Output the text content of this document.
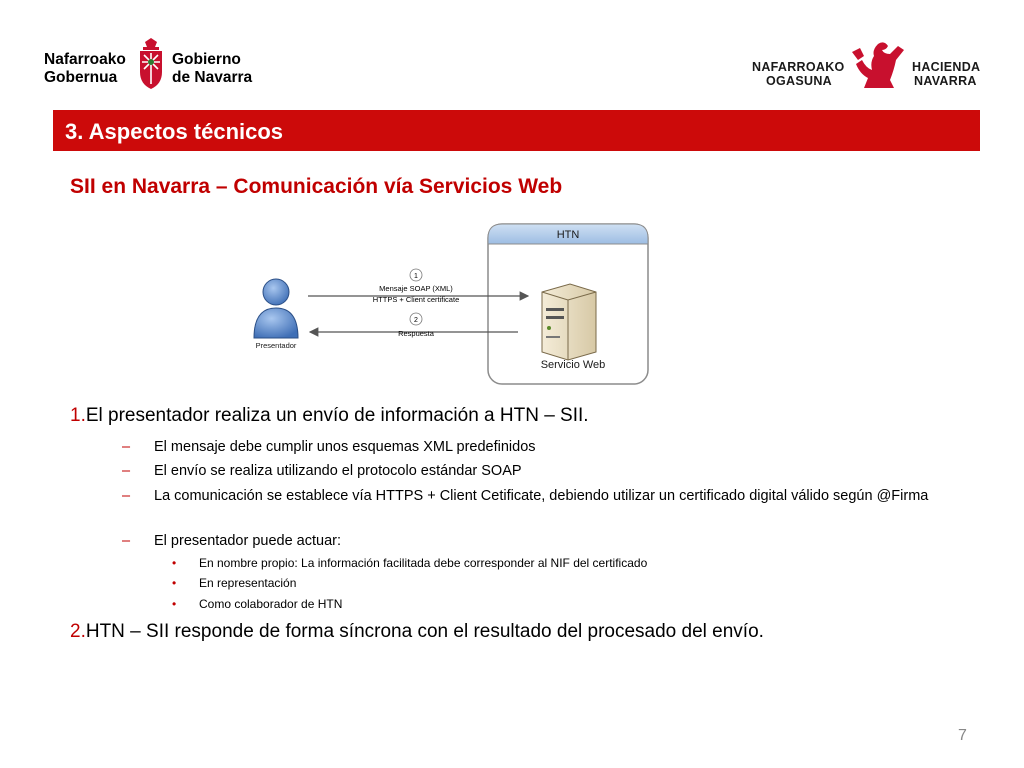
Nafarroako
Gobernua
Gobierno
de Navarra
NAFARROAKO
OGASUNA
HACIENDA
NAVARRA
3. Aspectos técnicos
SII en Navarra – Comunicación vía Servicios Web
HTN
Servicio Web
Presentador
1
Mensaje SOAP (XML)
HTTPS + Client certificate
2
Respuesta
1.El presentador realiza un envío de información a HTN – SII.
– El mensaje debe cumplir unos esquemas XML predefinidos
– El envío se realiza utilizando el protocolo estándar SOAP
– La comunicación se establece vía HTTPS + Client Cetificate, debiendo utilizar un certificado digital válido según @Firma
– El presentador puede actuar:
• En nombre propio: La información facilitada debe corresponder al NIF del certificado
• En representación
• Como colaborador de HTN
2.HTN – SII responde de forma síncrona con el resultado del procesado del envío.
7
